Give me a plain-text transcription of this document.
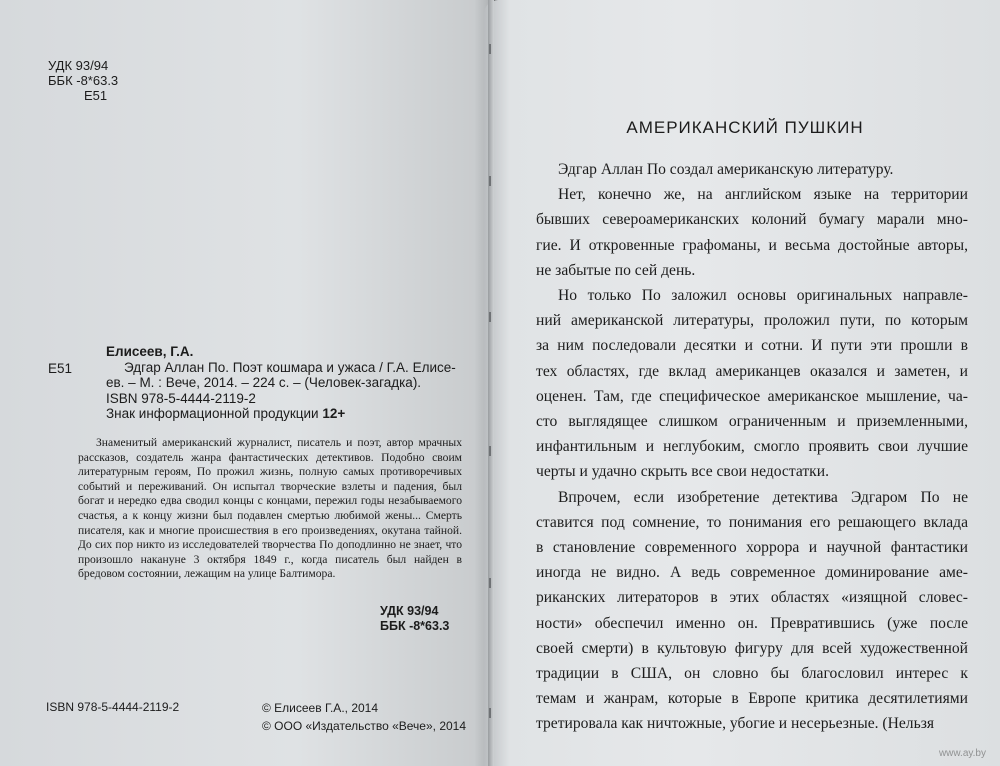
УДК 93/94
ББК -8*63.3
Е51
Е51
Елисеев, Г.А.
Эдгар Аллан По. Поэт кошмара и ужаса / Г.А. Елисе-
ев. – М. : Вече, 2014. – 224 с. – (Человек-загадка).
ISBN 978-5-4444-2119-2
Знак информационной продукции 12+

Знаменитый американский журналист, писатель и поэт, автор мрачных рассказов, создатель жанра фантастических детективов. Подобно своим литературным героям, По прожил жизнь, полную самых противоречивых событий и переживаний. Он испытал творческие взлеты и падения, был богат и нередко едва сводил концы с концами, пережил годы незабываемого счастья, а к концу жизни был подавлен смертью любимой жены... Смерть писателя, как и многие происшествия в его произведениях, окутана тайной. До сих пор никто из исследователей творчества По доподлинно не знает, что произошло накануне 3 октября 1849 г., когда писатель был найден в бредовом состоянии, лежащим на улице Балтимора.

УДК 93/94
ББК -8*63.3
ISBN 978-5-4444-2119-2	© Елисеев Г.А., 2014
© ООО «Издательство «Вече», 2014
АМЕРИКАНСКИЙ ПУШКИН

Эдгар Аллан По создал американскую литературу.

Нет, конечно же, на английском языке на территории
бывших североамериканских колоний бумагу марали мно-
гие. И откровенные графоманы, и весьма достойные авторы,
не забытые по сей день.

Но только По заложил основы оригинальных направле-
ний американской литературы, проложил пути, по которым
за ним последовали десятки и сотни. И пути эти прошли в
тех областях, где вклад американцев оказался и заметен, и
оценен. Там, где специфическое американское мышление, ча-
сто выглядящее слишком ограниченным и приземленными,
инфантильным и неглубоким, смогло проявить свои лучшие
черты и удачно скрыть все свои недостатки.

Впрочем, если изобретение детектива Эдгаром По не
ставится под сомнение, то понимания его решающего вклада
в становление современного хоррора и научной фантастики
иногда не видно. А ведь современное доминирование аме-
риканских литераторов в этих областях «изящной словес-
ности» обеспечил именно он. Превратившись (уже после
своей смерти) в культовую фигуру для всей художественной
традиции в США, он словно бы благословил интерес к
темам и жанрам, которые в Европе критика десятилетиями
третировала как ничтожные, убогие и несерьезные. (Нельзя

www.ay.by
